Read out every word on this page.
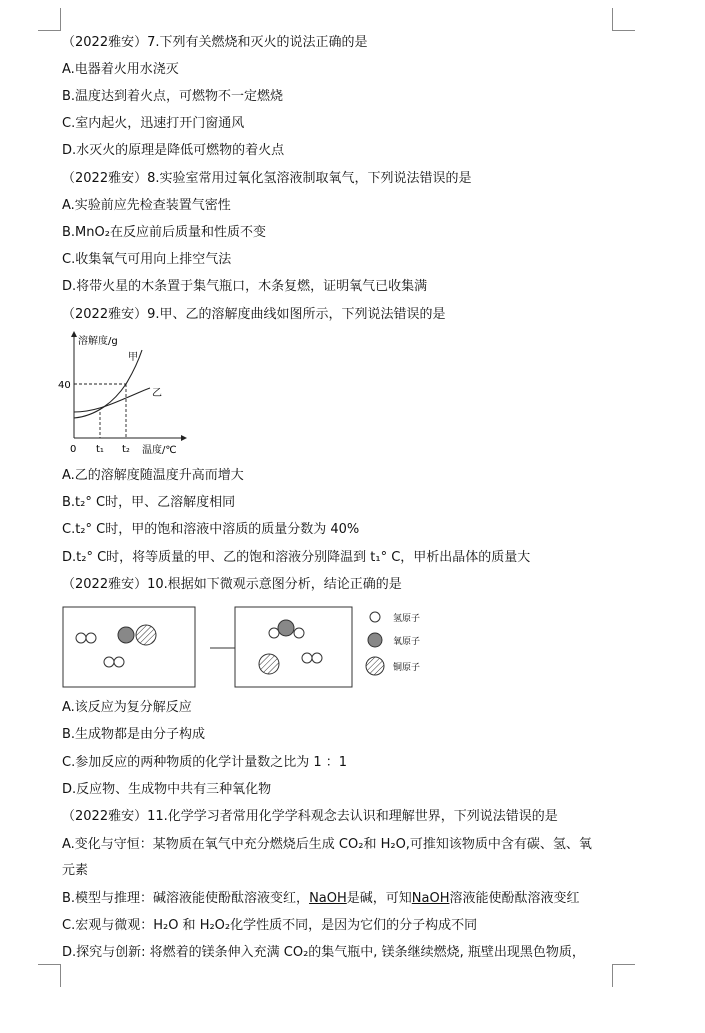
（2022雅安）7.下列有关燃烧和灭火的说法正确的是
A.电器着火用水浇灭
B.温度达到着火点，可燃物不一定燃烧
C.室内起火，迅速打开门窗通风
D.水灭火的原理是降低可燃物的着火点
（2022雅安）8.实验室常用过氧化氢溶液制取氧气，下列说法错误的是
A.实验前应先检查装置气密性
B.MnO₂在反应前后质量和性质不变
C.收集氧气可用向上排空气法
D.将带火星的木条置于集气瓶口，木条复燃，证明氧气已收集满
（2022雅安）9.甲、乙的溶解度曲线如图所示，下列说法错误的是
溶解度/g
温度/℃
0
40
t₁ t₂
甲
乙
A.乙的溶解度随温度升高而增大
B.t₂° C时，甲、乙溶解度相同
C.t₂° C时，甲的饱和溶液中溶质的质量分数为 40%
D.t₂° C时，将等质量的甲、乙的饱和溶液分别降温到 t₁° C，甲析出晶体的质量大
（2022雅安）10.根据如下微观示意图分析，结论正确的是
氢原子
氧原子
铜原子
A.该反应为复分解反应
B.生成物都是由分子构成
C.参加反应的两种物质的化学计量数之比为 1 ：1
D.反应物、生成物中共有三种氧化物
（2022雅安）11.化学学习者常用化学学科观念去认识和理解世界，下列说法错误的是
A.变化与守恒：某物质在氧气中充分燃烧后生成 CO₂和 H₂O,可推知该物质中含有碳、氢、氧
元素
B.模型与推理：碱溶液能使酚酞溶液变红，NaOH是碱，可知NaOH溶液能使酚酞溶液变红
C.宏观与微观：H₂O 和 H₂O₂化学性质不同，是因为它们的分子构成不同
D.探究与创新: 将燃着的镁条伸入充满 CO₂的集气瓶中, 镁条继续燃烧, 瓶壁出现黑色物质，
